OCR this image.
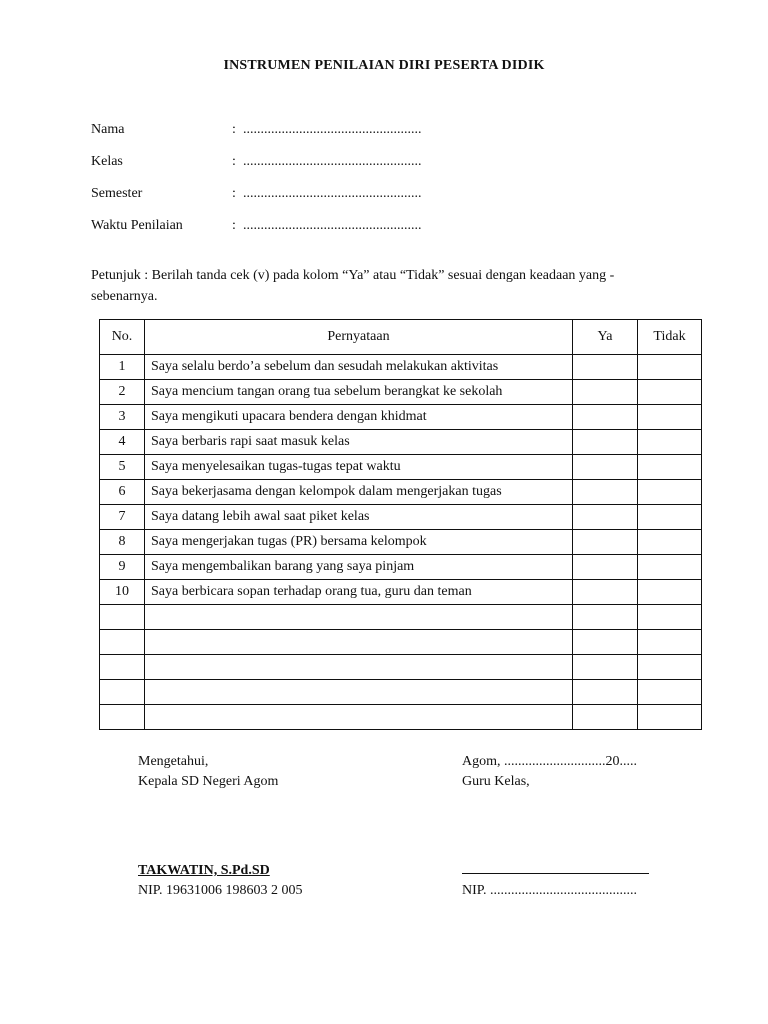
INSTRUMEN PENILAIAN DIRI PESERTA DIDIK
Nama	: ...................................................
Kelas	: ...................................................
Semester	: ...................................................
Waktu Penilaian	: ...................................................
Petunjuk : Berilah tanda cek (v) pada kolom “Ya” atau “Tidak” sesuai dengan keadaan yang - sebenarnya.
No.	Pernyataan	Ya	Tidak
1	Saya selalu berdo’a sebelum dan sesudah melakukan aktivitas		
2	Saya mencium tangan orang tua sebelum berangkat ke sekolah		
3	Saya mengikuti upacara bendera dengan khidmat		
4	Saya berbaris rapi saat masuk kelas		
5	Saya menyelesaikan tugas-tugas tepat waktu		
6	Saya bekerjasama dengan kelompok dalam mengerjakan tugas		
7	Saya datang lebih awal saat piket kelas		
8	Saya mengerjakan tugas (PR) bersama kelompok		
9	Saya mengembalikan barang yang saya pinjam		
10	Saya berbicara sopan terhadap orang tua, guru dan teman		

Mengetahui,
Kepala SD Negeri Agom
TAKWATIN, S.Pd.SD
NIP. 19631006 198603 2 005
Agom, .............................20.....
Guru Kelas,
NIP. ..........................................
